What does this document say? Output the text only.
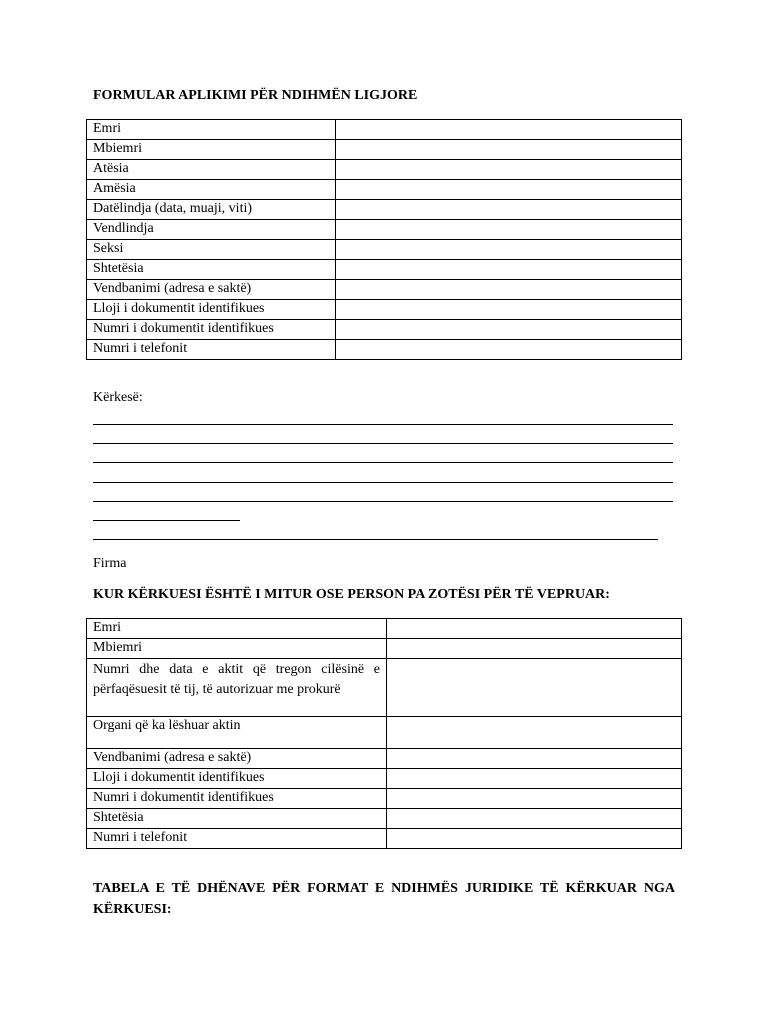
FORMULAR APLIKIMI PËR NDIHMËN LIGJORE
Emri	
Mbiemri	
Atësia	
Amësia	
Datëlindja (data, muaji, viti)	
Vendlindja	
Seksi	
Shtetësia	
Vendbanimi (adresa e saktë)	
Lloji i dokumentit identifikues	
Numri i dokumentit identifikues	
Numri i telefonit	
Kërkesë:
Firma
KUR KËRKUESI ËSHTË I MITUR OSE PERSON PA ZOTËSI PËR TË VEPRUAR:
Emri	
Mbiemri	
Numri dhe data e aktit që tregon cilësinë e përfaqësuesit të tij, të autorizuar me prokurë	
Organi që ka lëshuar aktin	
Vendbanimi (adresa e saktë)	
Lloji i dokumentit identifikues	
Numri i dokumentit identifikues	
Shtetësia	
Numri i telefonit	
TABELA E TË DHËNAVE PËR FORMAT E NDIHMËS JURIDIKE TË KËRKUAR NGA KËRKUESI:
